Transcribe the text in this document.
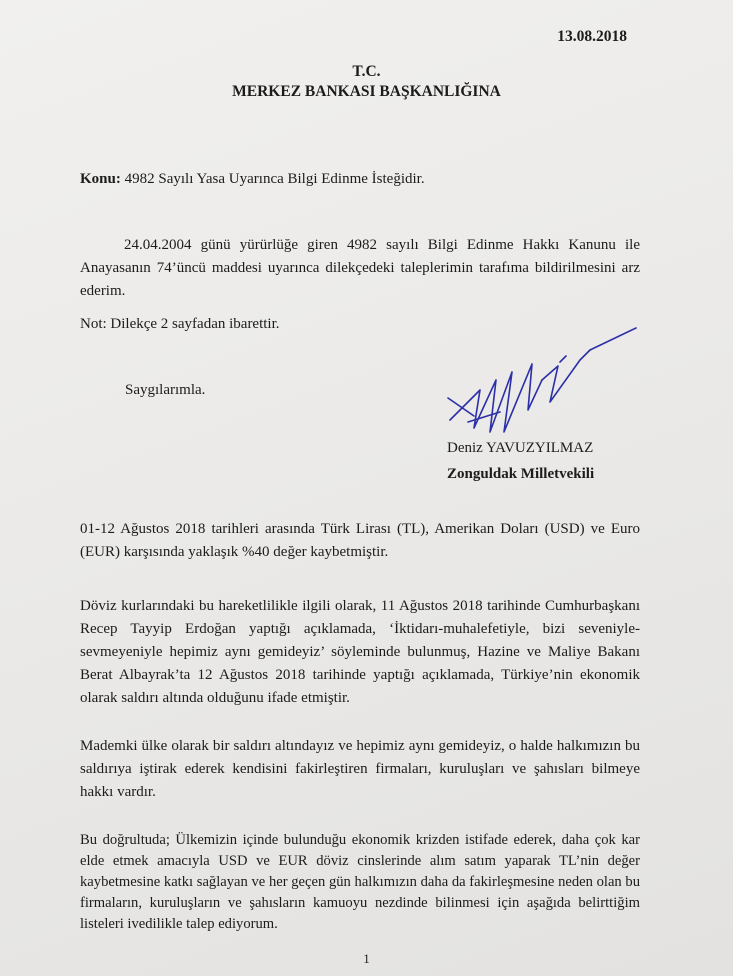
13.08.2018

T.C.
MERKEZ BANKASI BAŞKANLIĞINA

Konu: 4982 Sayılı Yasa Uyarınca Bilgi Edinme İsteğidir.

24.04.2004 günü yürürlüğe giren 4982 sayılı Bilgi Edinme Hakkı Kanunu ile Anayasanın 74’üncü maddesi uyarınca dilekçedeki taleplerimin tarafıma bildirilmesini arz ederim.

Not: Dilekçe 2 sayfadan ibarettir.

Saygılarımla.

Deniz YAVUZYILMAZ

Zonguldak Milletvekili

01-12 Ağustos 2018 tarihleri arasında Türk Lirası (TL), Amerikan Doları (USD) ve Euro (EUR) karşısında yaklaşık %40 değer kaybetmiştir.
Döviz kurlarındaki bu hareketlilikle ilgili olarak, 11 Ağustos 2018 tarihinde Cumhurbaşkanı Recep Tayyip Erdoğan yaptığı açıklamada, ‘İktidarı-muhalefetiyle, bizi seveniyle-sevmeyeniyle hepimiz aynı gemideyiz’ söyleminde bulunmuş, Hazine ve Maliye Bakanı Berat Albayrak’ta 12 Ağustos 2018 tarihinde yaptığı açıklamada, Türkiye’nin ekonomik olarak saldırı altında olduğunu ifade etmiştir.
Mademki ülke olarak bir saldırı altındayız ve hepimiz aynı gemideyiz, o halde halkımızın bu saldırıya iştirak ederek kendisini fakirleştiren firmaları, kuruluşları ve şahısları bilmeye hakkı vardır.
Bu doğrultuda; Ülkemizin içinde bulunduğu ekonomik krizden istifade ederek, daha çok kar elde etmek amacıyla USD ve EUR döviz cinslerinde alım satım yaparak TL’nin değer kaybetmesine katkı sağlayan ve her geçen gün halkımızın daha da fakirleşmesine neden olan bu firmaların, kuruluşların ve şahısların kamuoyu nezdinde bilinmesi için aşağıda belirttiğim listeleri ivedilikle talep ediyorum.

1
